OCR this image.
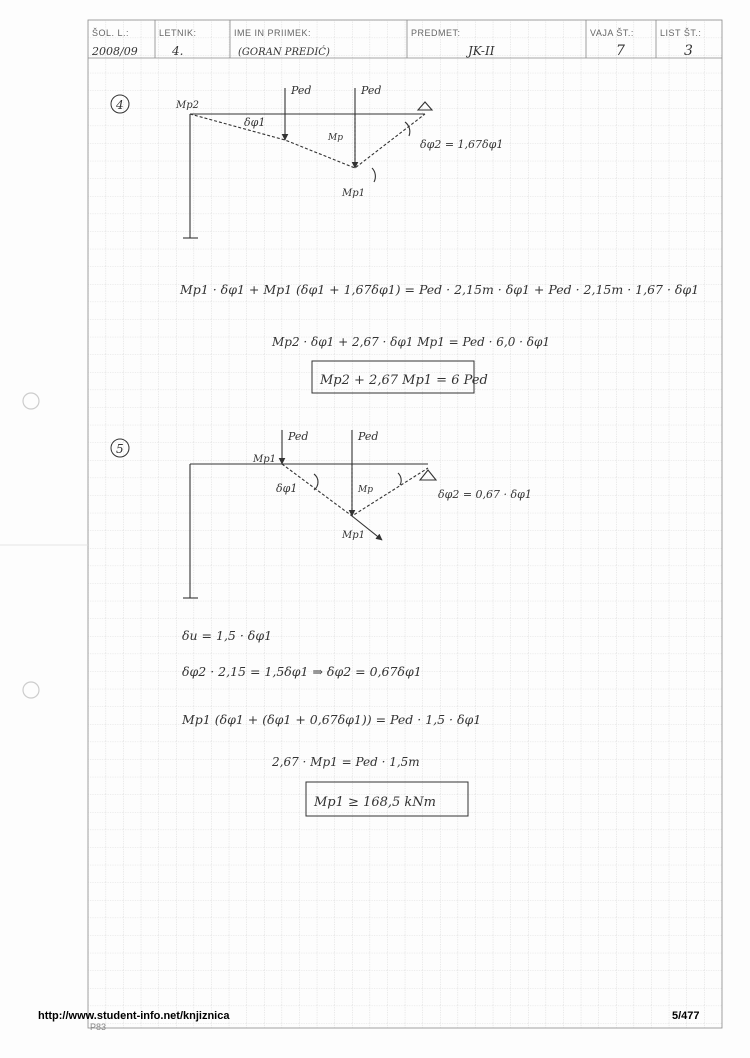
ŠOL. L.:	LETNIK:	IME IN PRIIMEK:	PREDMET:	VAJA ŠT.:	LIST ŠT.:
2008/09	4.	(GORAN PREDIĆ)	JK-II	7	3
4
Ped	Ped
Mp2
Mp1
Mp
δφ1
δφ2 = 1,67δφ1
Mp1 · δφ1 + Mp1 (δφ1 + 1,67δφ1) = Ped · 2,15m · δφ1 + Ped · 2,15m · 1,67 · δφ1
Mp2 · δφ1 + 2,67 · δφ1 Mp1 = Ped · 6,0 · δφ1
Mp2 + 2,67 Mp1 = 6 Ped
5
Ped	Ped
Mp1
Mp1
Mp
δφ1	δφ2 = 0,67 · δφ1
δu = 1,5 · δφ1
δφ2 · 2,15 = 1,5δφ1 ⇒ δφ2 = 0,67δφ1
Mp1 (δφ1 + (δφ1 + 0,67δφ1)) = Ped · 1,5 · δφ1
2,67 · Mp1 = Ped · 1,5m
Mp1 ≥ 168,5 kNm
http://www.student-info.net/knjiznica	5/477
P83
